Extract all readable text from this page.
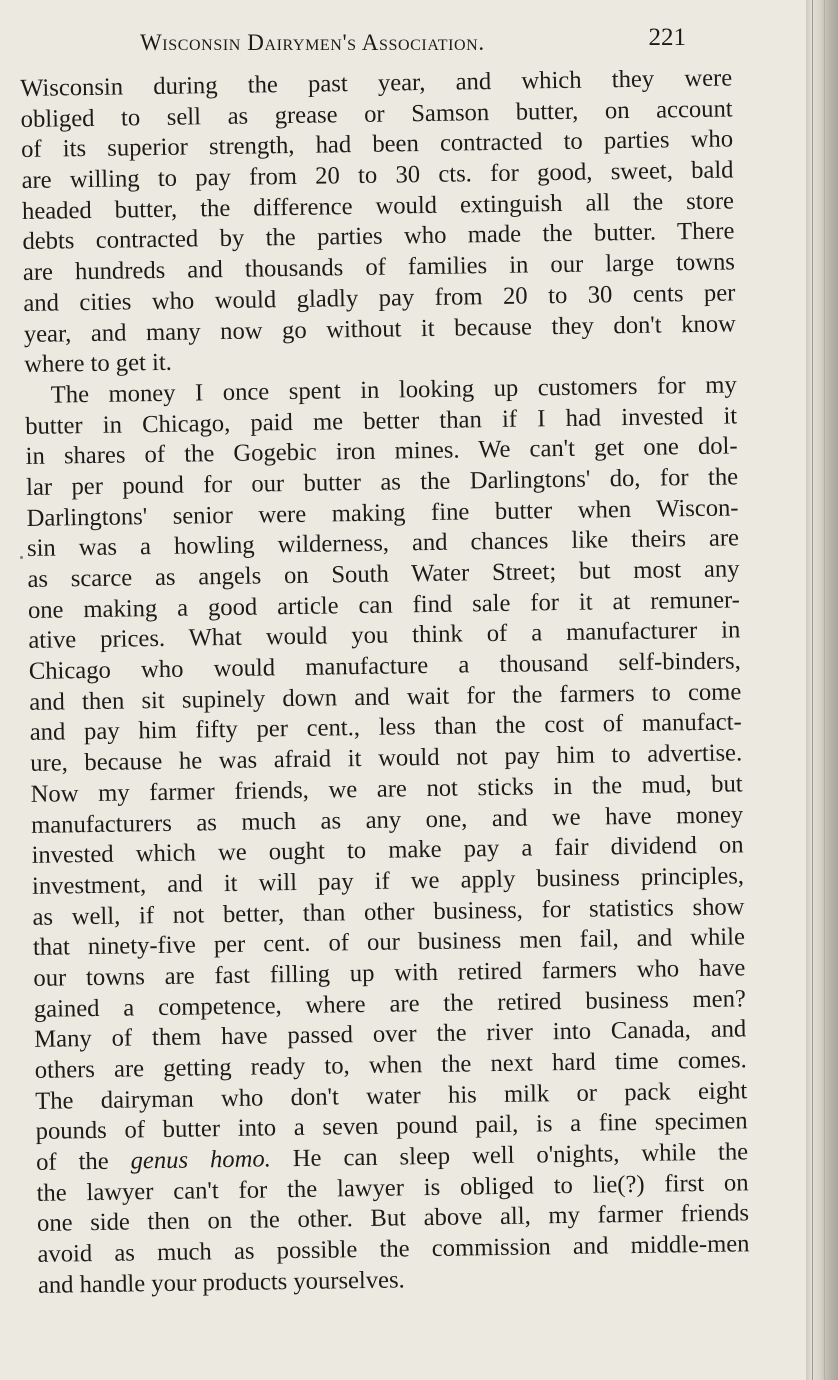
Wisconsin Dairymen's Association.	221
Wisconsin during the past year, and which they were
obliged to sell as grease or Samson butter, on account
of its superior strength, had been contracted to parties who
are willing to pay from 20 to 30 cts. for good, sweet, bald
headed butter, the difference would extinguish all the store
debts contracted by the parties who made the butter. There
are hundreds and thousands of families in our large towns
and cities who would gladly pay from 20 to 30 cents per
year, and many now go without it because they don't know
where to get it.
The money I once spent in looking up customers for my
butter in Chicago, paid me better than if I had invested it
in shares of the Gogebic iron mines. We can't get one dol-
lar per pound for our butter as the Darlingtons' do, for the
Darlingtons' senior were making fine butter when Wiscon-
sin was a howling wilderness, and chances like theirs are
as scarce as angels on South Water Street; but most any
one making a good article can find sale for it at remuner-
ative prices. What would you think of a manufacturer in
Chicago who would manufacture a thousand self-binders,
and then sit supinely down and wait for the farmers to come
and pay him fifty per cent., less than the cost of manufact-
ure, because he was afraid it would not pay him to advertise.
Now my farmer friends, we are not sticks in the mud, but
manufacturers as much as any one, and we have money
invested which we ought to make pay a fair dividend on
investment, and it will pay if we apply business principles,
as well, if not better, than other business, for statistics show
that ninety-five per cent. of our business men fail, and while
our towns are fast filling up with retired farmers who have
gained a competence, where are the retired business men?
Many of them have passed over the river into Canada, and
others are getting ready to, when the next hard time comes.
The dairyman who don't water his milk or pack eight
pounds of butter into a seven pound pail, is a fine specimen
of the genus homo. He can sleep well o'nights, while the
the lawyer can't for the lawyer is obliged to lie(?) first on
one side then on the other. But above all, my farmer friends
avoid as much as possible the commission and middle-men
and handle your products yourselves.
